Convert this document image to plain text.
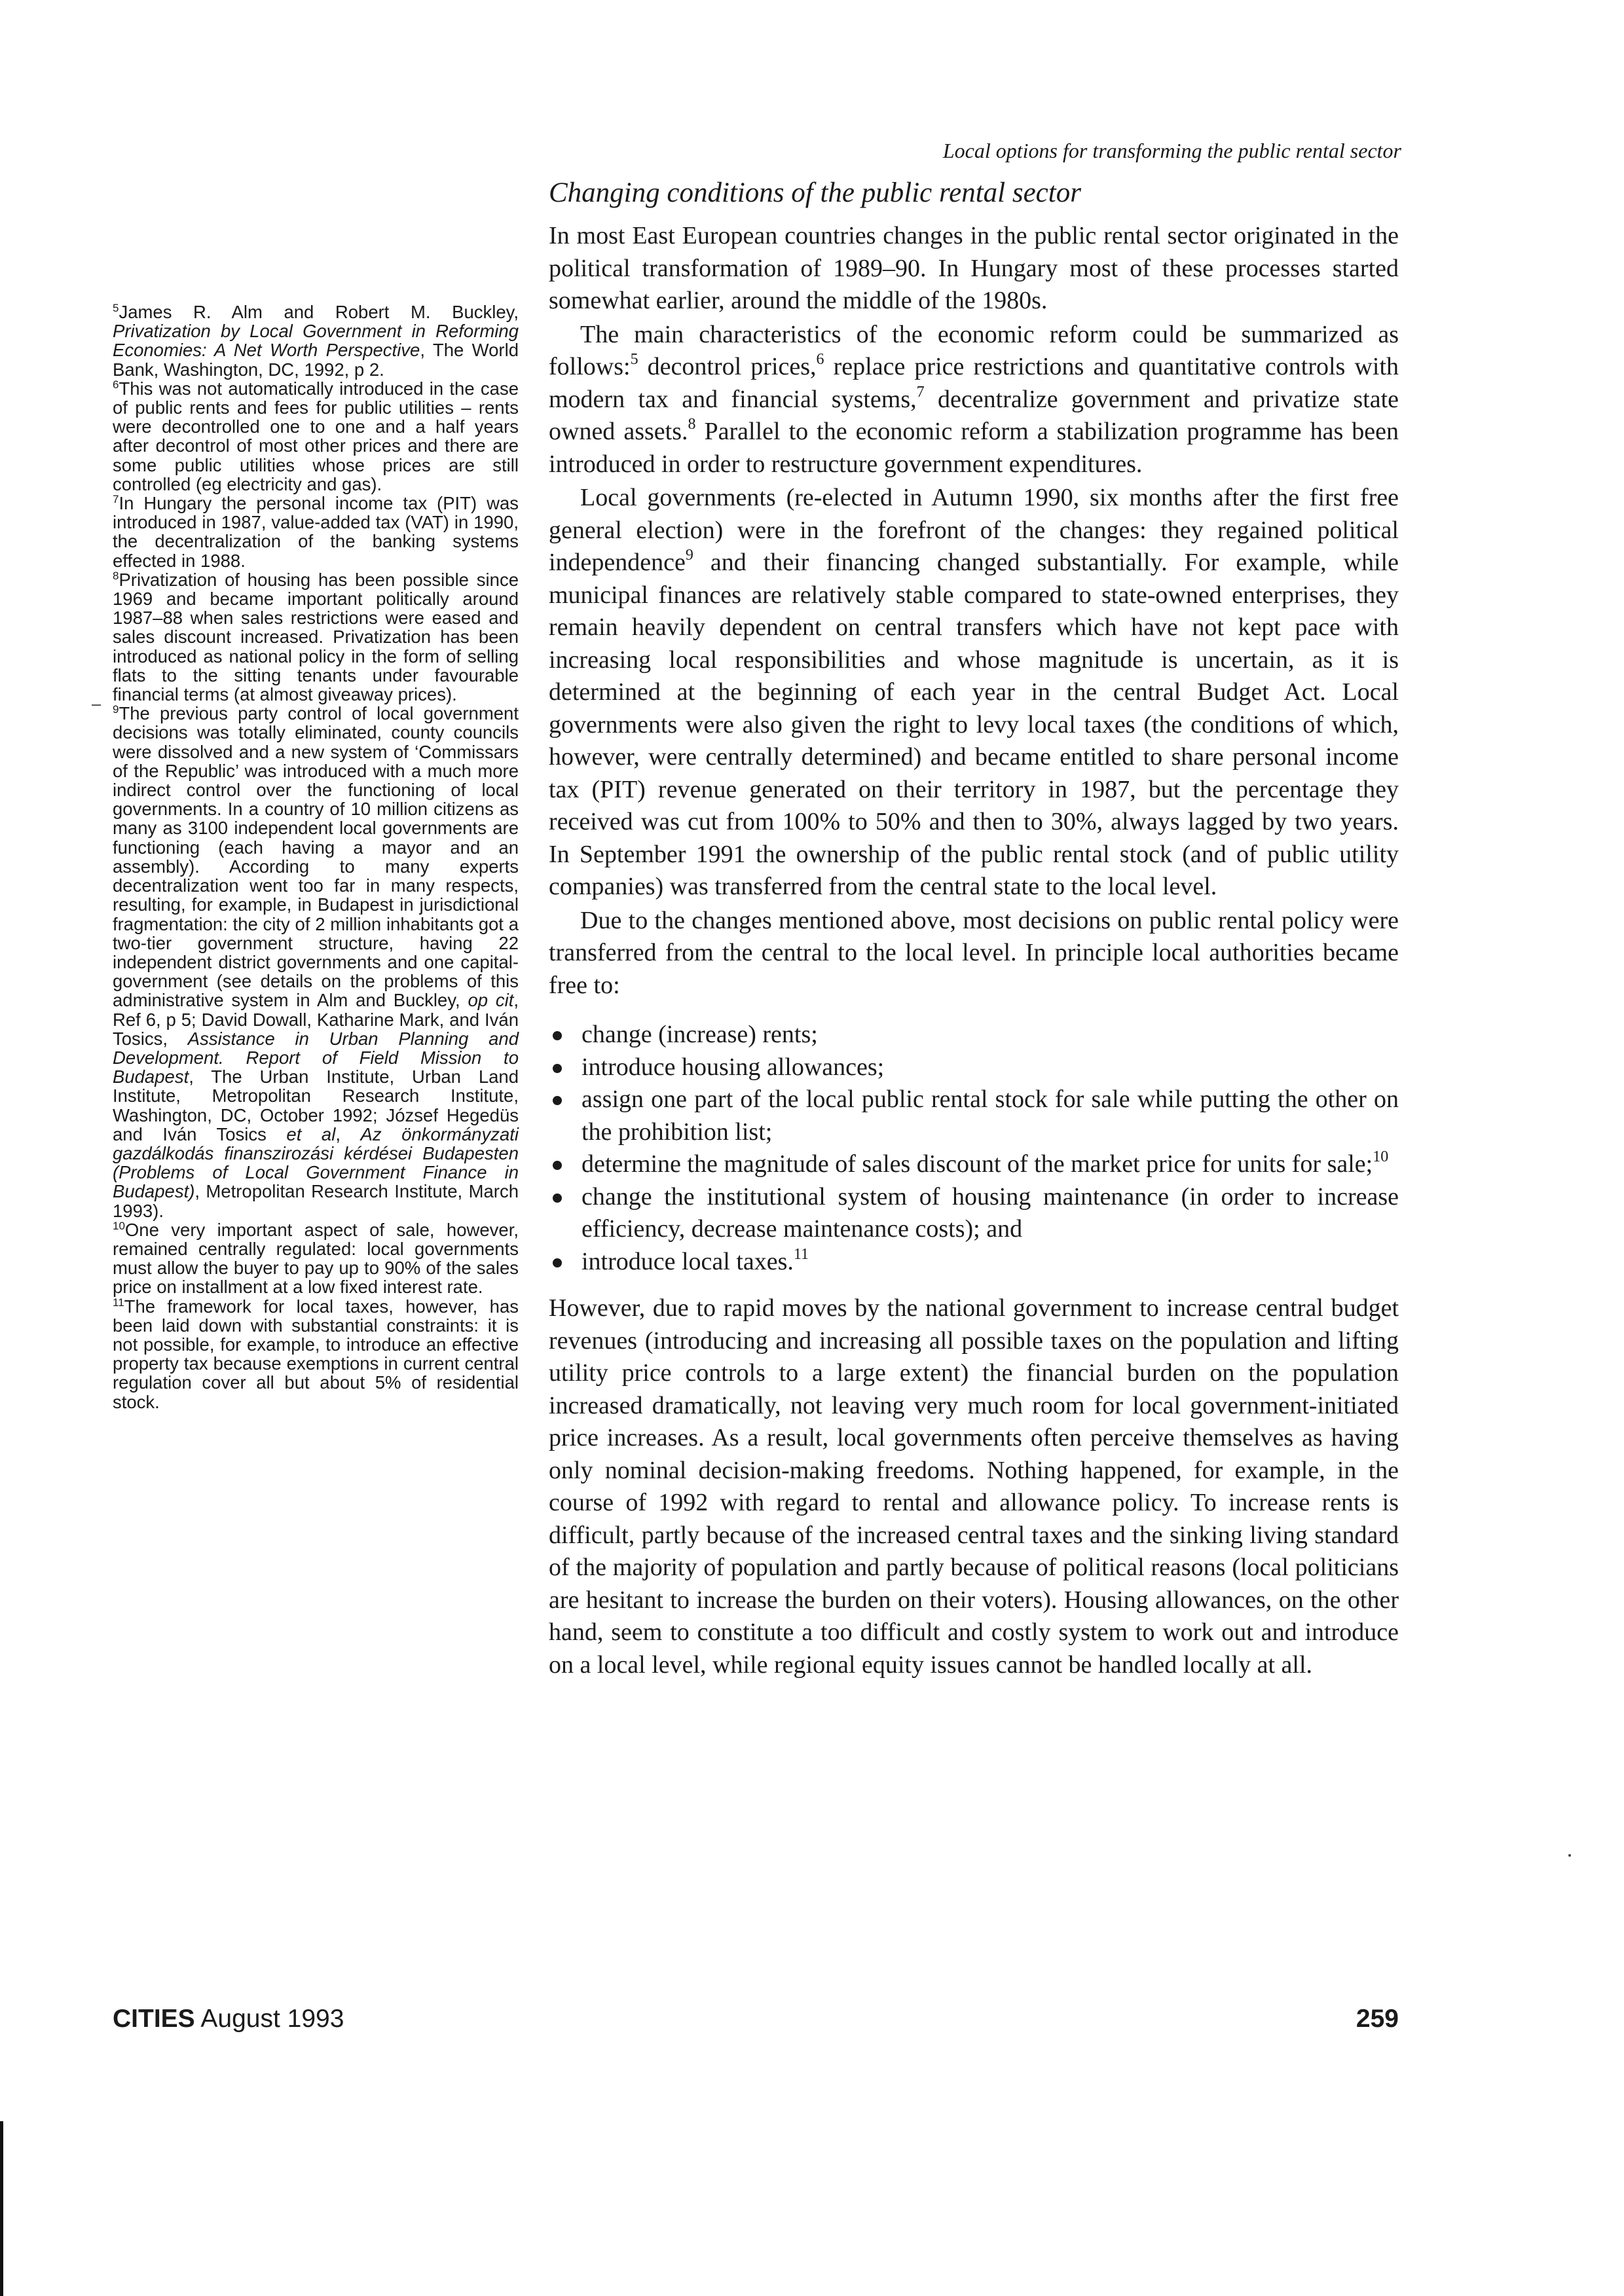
Local options for transforming the public rental sector
Changing conditions of the public rental sector

In most East European countries changes in the public rental sector originated in the political transformation of 1989–90. In Hungary most of these processes started somewhat earlier, around the middle of the 1980s.

The main characteristics of the economic reform could be summarized as follows:$^5$ decontrol prices,$^6$ replace price restrictions and quantitative controls with modern tax and financial systems,$^7$ decentralize government and privatize state owned assets.$^8$ Parallel to the economic reform a stabilization programme has been introduced in order to restructure government expenditures.

Local governments (re-elected in Autumn 1990, six months after the first free general election) were in the forefront of the changes: they regained political independence$^9$ and their financing changed substantially. For example, while municipal finances are relatively stable compared to state-owned enterprises, they remain heavily dependent on central transfers which have not kept pace with increasing local responsibilities and whose magnitude is uncertain, as it is determined at the beginning of each year in the central Budget Act. Local governments were also given the right to levy local taxes (the conditions of which, however, were centrally determined) and became entitled to share personal income tax (PIT) revenue generated on their territory in 1987, but the percentage they received was cut from 100% to 50% and then to 30%, always lagged by two years. In September 1991 the ownership of the public rental stock (and of public utility companies) was transferred from the central state to the local level.

Due to the changes mentioned above, most decisions on public rental policy were transferred from the central to the local level. In principle local authorities became free to:

change (increase) rents;
introduce housing allowances;
assign one part of the local public rental stock for sale while putting the other on the prohibition list;
determine the magnitude of sales discount of the market price for units for sale;$^{10}$
change the institutional system of housing maintenance (in order to increase efficiency, decrease maintenance costs); and
introduce local taxes.$^{11}$

However, due to rapid moves by the national government to increase central budget revenues (introducing and increasing all possible taxes on the population and lifting utility price controls to a large extent) the financial burden on the population increased dramatically, not leaving very much room for local government-initiated price increases. As a result, local governments often perceive themselves as having only nominal decision-making freedoms. Nothing happened, for example, in the course of 1992 with regard to rental and allowance policy. To increase rents is difficult, partly because of the increased central taxes and the sinking living standard of the majority of population and partly because of political reasons (local politicians are hesitant to increase the burden on their voters). Housing allowances, on the other hand, seem to constitute a too difficult and costly system to work out and introduce on a local level, while regional equity issues cannot be handled locally at all.

$^5$James R. Alm and Robert M. Buckley, Privatization by Local Government in Reforming Economies: A Net Worth Perspective, The World Bank, Washington, DC, 1992, p 2.

$^6$This was not automatically introduced in the case of public rents and fees for public utilities – rents were decontrolled one to one and a half years after decontrol of most other prices and there are some public utilities whose prices are still controlled (eg electricity and gas).

$^7$In Hungary the personal income tax (PIT) was introduced in 1987, value-added tax (VAT) in 1990, the decentralization of the banking systems effected in 1988.

$^8$Privatization of housing has been possible since 1969 and became important politically around 1987–88 when sales restrictions were eased and sales discount increased. Privatization has been introduced as national policy in the form of selling flats to the sitting tenants under favourable financial terms (at almost giveaway prices).

$^9$The previous party control of local government decisions was totally eliminated, county councils were dissolved and a new system of ‘Commissars of the Republic’ was introduced with a much more indirect control over the functioning of local governments. In a country of 10 million citizens as many as 3100 independent local governments are functioning (each having a mayor and an assembly). According to many experts decentralization went too far in many respects, resulting, for example, in Budapest in jurisdictional fragmentation: the city of 2 million inhabitants got a two-tier government structure, having 22 independent district governments and one capital-government (see details on the problems of this administrative system in Alm and Buckley, op cit, Ref 6, p 5; David Dowall, Katharine Mark, and Iván Tosics, Assistance in Urban Planning and Development. Report of Field Mission to Budapest, The Urban Institute, Urban Land Institute, Metropolitan Research Institute, Washington, DC, October 1992; József Hegedüs and Iván Tosics et al, Az önkormányzati gazdálkodás finanszirozási kérdései Budapesten (Problems of Local Government Finance in Budapest), Metropolitan Research Institute, March 1993).

$^{10}$One very important aspect of sale, however, remained centrally regulated: local governments must allow the buyer to pay up to 90% of the sales price on installment at a low fixed interest rate.

$^{11}$The framework for local taxes, however, has been laid down with substantial constraints: it is not possible, for example, to introduce an effective property tax because exemptions in current central regulation cover all but about 5% of residential stock.

CITIES August 1993	259
